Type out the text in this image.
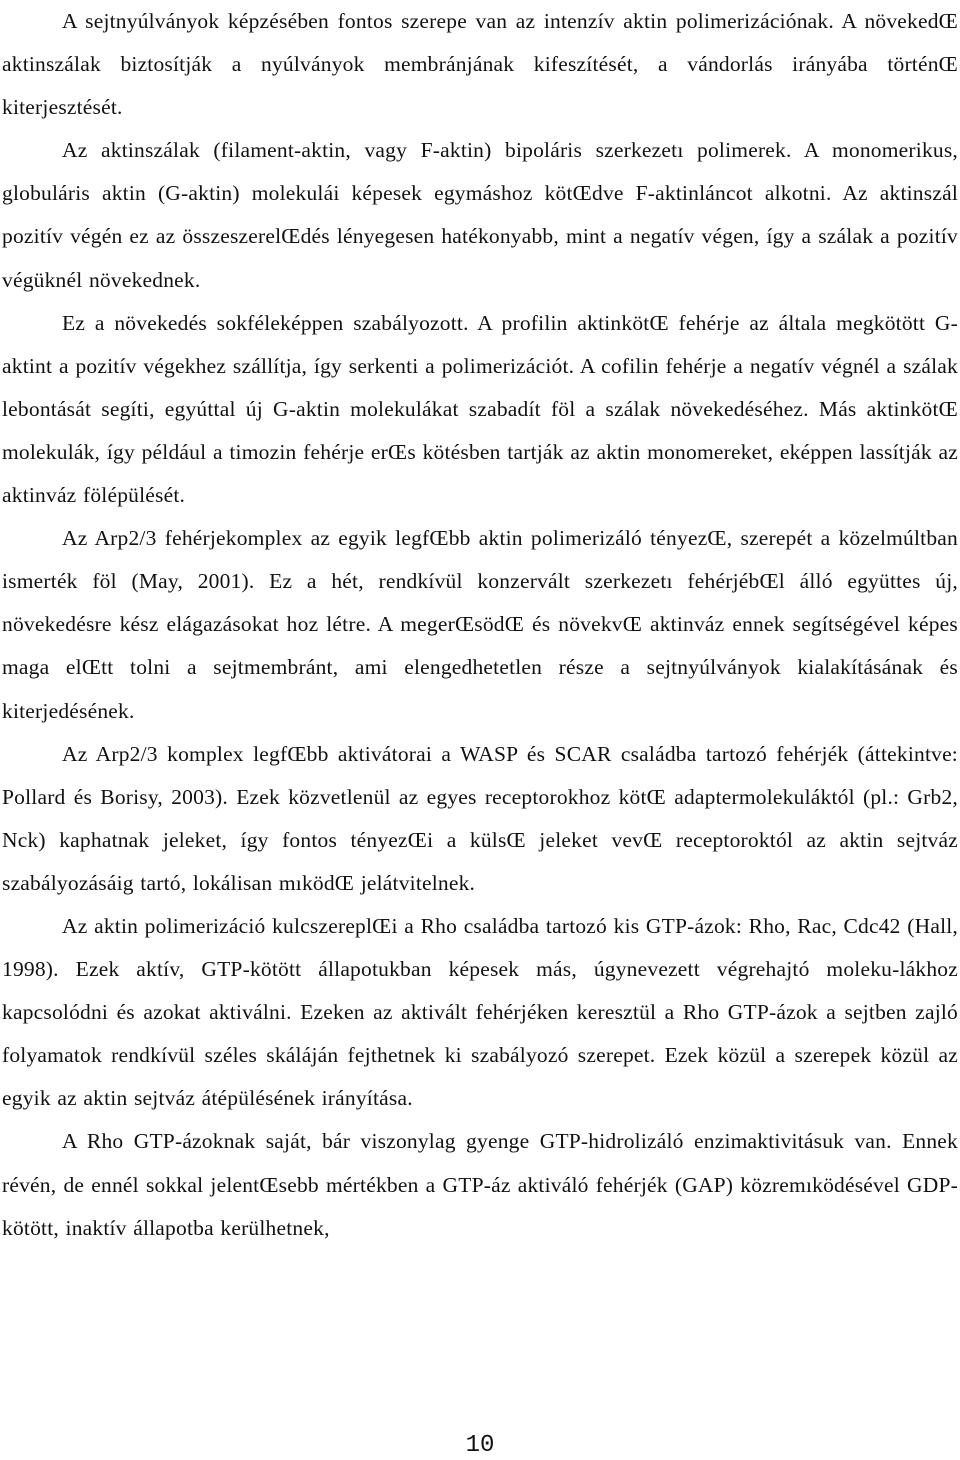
A sejtnyúlványok képzésében fontos szerepe van az intenzív aktin polimerizációnak. A növekedŒ aktinszálak biztosítják a nyúlványok membránjának kifeszítését, a vándorlás irányába történŒ kiterjesztését.

Az aktinszálak (filament-aktin, vagy F-aktin) bipoláris szerkezetı polimerek. A monomerikus, globuláris aktin (G-aktin) molekulái képesek egymáshoz kötŒdve F-aktinláncot alkotni. Az aktinszál pozitív végén ez az összeszerelŒdés lényegesen hatékonyabb, mint a negatív végen, így a szálak a pozitív végüknél növekednek.

Ez a növekedés sokféleképpen szabályozott. A profilin aktinkötŒ fehérje az általa megkötött G-aktint a pozitív végekhez szállítja, így serkenti a polimerizációt. A cofilin fehérje a negatív végnél a szálak lebontását segíti, egyúttal új G-aktin molekulákat szabadít föl a szálak növekedéséhez. Más aktinkötŒ molekulák, így például a timozin fehérje erŒs kötésben tartják az aktin monomereket, eképpen lassítják az aktinváz fölépülését.

Az Arp2/3 fehérjekomplex az egyik legfŒbb aktin polimerizáló tényezŒ, szerepét a közelmúltban ismerték föl (May, 2001). Ez a hét, rendkívül konzervált szerkezetı fehérjébŒl álló együttes új, növekedésre kész elágazásokat hoz létre. A megerŒsödŒ és növekvŒ aktinváz ennek segítségével képes maga elŒtt tolni a sejtmembránt, ami elengedhetetlen része a sejtnyúlványok kialakításának és kiterjedésének.

Az Arp2/3 komplex legfŒbb aktivátorai a WASP és SCAR családba tartozó fehérjék (áttekintve: Pollard és Borisy, 2003). Ezek közvetlenül az egyes receptorokhoz kötŒ adaptermolekuláktól (pl.: Grb2, Nck) kaphatnak jeleket, így fontos tényezŒi a külsŒ jeleket vevŒ receptoroktól az aktin sejtváz szabályozásáig tartó, lokálisan mıködŒ jelátvitelnek.

Az aktin polimerizáció kulcszereplŒi a Rho családba tartozó kis GTP-ázok: Rho, Rac, Cdc42 (Hall, 1998). Ezek aktív, GTP-kötött állapotukban képesek más, úgynevezett végrehajtó moleku-lákhoz kapcsolódni és azokat aktiválni. Ezeken az aktivált fehérjéken keresztül a Rho GTP-ázok a sejtben zajló folyamatok rendkívül széles skáláján fejthetnek ki szabályozó szerepet. Ezek közül a szerepek közül az egyik az aktin sejtváz átépülésének irányítása.

A Rho GTP-ázoknak saját, bár viszonylag gyenge GTP-hidrolizáló enzimaktivitásuk van. Ennek révén, de ennél sokkal jelentŒsebb mértékben a GTP-áz aktiváló fehérjék (GAP) közremıködésével GDP-kötött, inaktív állapotba kerülhetnek,

10
